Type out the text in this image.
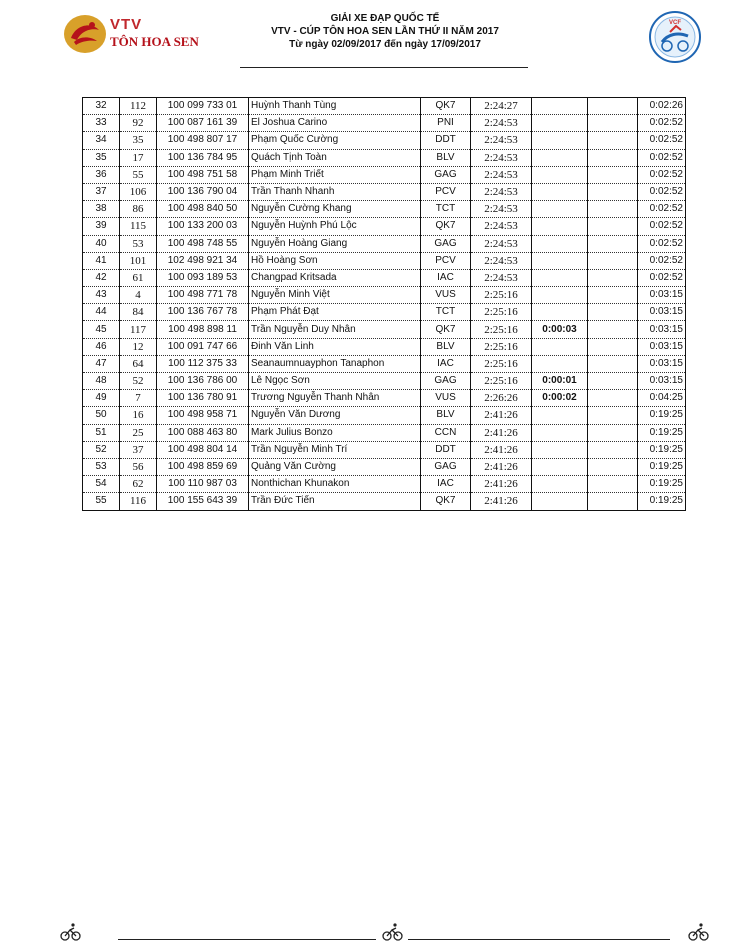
VTV
TÔN HOA SEN
GIẢI XE ĐẠP QUỐC TẾ
VTV - CÚP TÔN HOA SEN LẦN THỨ II NĂM 2017
Từ ngày 02/09/2017 đến ngày 17/09/2017
VCF
32	112	100 099 733 01	Huỳnh Thanh Tùng	QK7	2:24:27			0:02:26
33	92	100 087 161 39	El Joshua Carino	PNI	2:24:53			0:02:52
34	35	100 498 807 17	Phạm Quốc Cường	DDT	2:24:53			0:02:52
35	17	100 136 784 95	Quách Tịnh Toàn	BLV	2:24:53			0:02:52
36	55	100 498 751 58	Phạm Minh Triết	GAG	2:24:53			0:02:52
37	106	100 136 790 04	Trần Thanh Nhanh	PCV	2:24:53			0:02:52
38	86	100 498 840 50	Nguyễn Cường Khang	TCT	2:24:53			0:02:52
39	115	100 133 200 03	Nguyễn Huỳnh Phú Lộc	QK7	2:24:53			0:02:52
40	53	100 498 748 55	Nguyễn Hoàng Giang	GAG	2:24:53			0:02:52
41	101	102 498 921 34	Hồ Hoàng Sơn	PCV	2:24:53			0:02:52
42	61	100 093 189 53	Changpad Kritsada	IAC	2:24:53			0:02:52
43	4	100 498 771 78	Nguyễn Minh Việt	VUS	2:25:16			0:03:15
44	84	100 136 767 78	Phạm Phát Đạt	TCT	2:25:16			0:03:15
45	117	100 498 898 11	Trần Nguyễn Duy Nhân	QK7	2:25:16	0:00:03		0:03:15
46	12	100 091 747 66	Đinh Văn Linh	BLV	2:25:16			0:03:15
47	64	100 112 375 33	Seanaumnuayphon Tanaphon	IAC	2:25:16			0:03:15
48	52	100 136 786 00	Lê Ngọc Sơn	GAG	2:25:16	0:00:01		0:03:15
49	7	100 136 780 91	Trương Nguyễn Thanh Nhân	VUS	2:26:26	0:00:02		0:04:25
50	16	100 498 958 71	Nguyễn Văn Dương	BLV	2:41:26			0:19:25
51	25	100 088 463 80	Mark Julius Bonzo	CCN	2:41:26			0:19:25
52	37	100 498 804 14	Trần Nguyễn Minh Trí	DDT	2:41:26			0:19:25
53	56	100 498 859 69	Quảng Văn Cường	GAG	2:41:26			0:19:25
54	62	100 110 987 03	Nonthichan Khunakon	IAC	2:41:26			0:19:25
55	116	100 155 643 39	Trần Đức Tiến	QK7	2:41:26			0:19:25
